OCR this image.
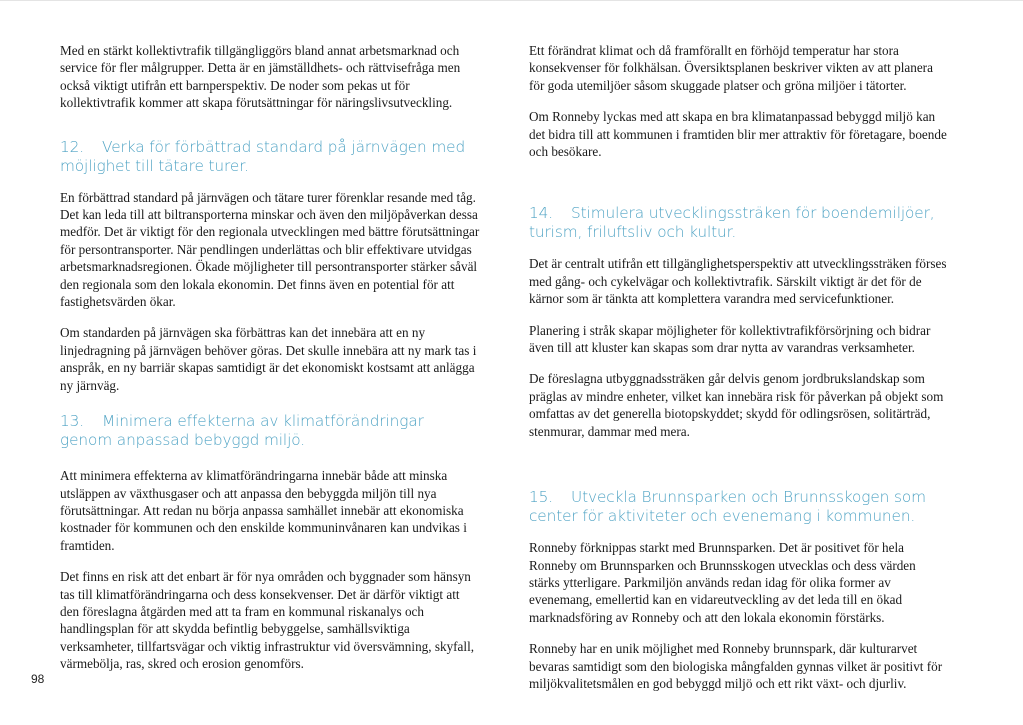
Med en stärkt kollektivtrafik tillgängliggörs bland annat arbetsmarknad och service för fler målgrupper. Detta är en jämställdhets- och rättvisefråga men också viktigt utifrån ett barnperspektiv. De noder som pekas ut för kollektivtrafik kommer att skapa förutsättningar för näringslivsutveckling.

12. Verka för förbättrad standard på järnvägen med möjlighet till tätare turer.

En förbättrad standard på järnvägen och tätare turer förenklar resande med tåg. Det kan leda till att biltransporterna minskar och även den miljöpåverkan dessa medför. Det är viktigt för den regionala utvecklingen med bättre förutsättningar för persontransporter. När pendlingen underlättas och blir effektivare utvidgas arbetsmarknadsregionen. Ökade möjligheter till persontransporter stärker såväl den regionala som den lokala ekonomin. Det finns även en potential för att fastighetsvärden ökar.

Om standarden på järnvägen ska förbättras kan det innebära att en ny linjedragning på järnvägen behöver göras. Det skulle innebära att ny mark tas i anspråk, en ny barriär skapas samtidigt är det ekonomiskt kostsamt att anlägga ny järnväg.

13. Minimera effekterna av klimatförändringar genom anpassad bebyggd miljö.

Att minimera effekterna av klimatförändringarna innebär både att minska utsläppen av växthusgaser och att anpassa den bebyggda miljön till nya förutsättningar. Att redan nu börja anpassa samhället innebär att ekonomiska kostnader för kommunen och den enskilde kommuninvånaren kan undvikas i framtiden.

Det finns en risk att det enbart är för nya områden och byggnader som hänsyn tas till klimatförändringarna och dess konsekvenser. Det är därför viktigt att den föreslagna åtgärden med att ta fram en kommunal riskanalys och handlingsplan för att skydda befintlig bebyggelse, samhällsviktiga verksamheter, tillfartsvägar och viktig infrastruktur vid översvämning, skyfall, värmebölja, ras, skred och erosion genomförs.

Ett förändrat klimat och då framförallt en förhöjd temperatur har stora konsekvenser för folkhälsan. Översiktsplanen beskriver vikten av att planera för goda utemiljöer såsom skuggade platser och gröna miljöer i tätorter.

Om Ronneby lyckas med att skapa en bra klimatanpassad bebyggd miljö kan det bidra till att kommunen i framtiden blir mer attraktiv för företagare, boende och besökare.

14. Stimulera utvecklingssträken för boendemiljöer, turism, friluftsliv och kultur.

Det är centralt utifrån ett tillgänglighetsperspektiv att utvecklingssträken förses med gång- och cykelvägar och kollektivtrafik. Särskilt viktigt är det för de kärnor som är tänkta att komplettera varandra med servicefunktioner.

Planering i stråk skapar möjligheter för kollektivtrafikförsörjning och bidrar även till att kluster kan skapas som drar nytta av varandras verksamheter.

De föreslagna utbyggnadssträken går delvis genom jordbrukslandskap som präglas av mindre enheter, vilket kan innebära risk för påverkan på objekt som omfattas av det generella biotopskyddet; skydd för odlingsrösen, solitärträd, stenmurar, dammar med mera.

15. Utveckla Brunnsparken och Brunnsskogen som center för aktiviteter och evenemang i kommunen.

Ronneby förknippas starkt med Brunnsparken. Det är positivet för hela Ronneby om Brunnsparken och Brunnsskogen utvecklas och dess värden stärks ytterligare. Parkmiljön används redan idag för olika former av evenemang, emellertid kan en vidareutveckling av det leda till en ökad marknadsföring av Ronneby och att den lokala ekonomin förstärks.

Ronneby har en unik möjlighet med Ronneby brunnspark, där kulturarvet bevaras samtidigt som den biologiska mångfalden gynnas vilket är positivt för miljökvalitetsmålen en god bebyggd miljö och ett rikt växt- och djurliv.

98
